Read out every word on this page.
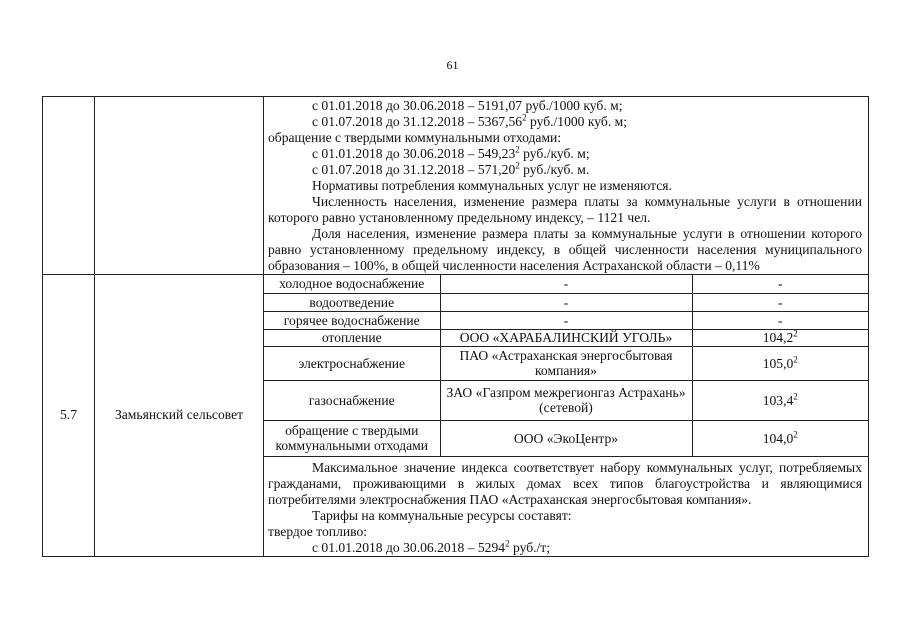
61

с 01.01.2018 до 30.06.2018 – 5191,07 руб./1000 куб. м;

с 01.07.2018 до 31.12.2018 – 5367,56$^2$ руб./1000 куб. м;

обращение с твердыми коммунальными отходами:

с 01.01.2018 до 30.06.2018 – 549,23$^2$ руб./куб. м;

с 01.07.2018 до 31.12.2018 – 571,20$^2$ руб./куб. м.

Нормативы потребления коммунальных услуг не изменяются.

Численность населения, изменение размера платы за коммунальные услуги в отношении которого равно установленному предельному индексу, – 1121 чел.

Доля населения, изменение размера платы за коммунальные услуги в отношении которого равно установленному предельному индексу, в общей численности населения муниципального образования – 100%, в общей численности населения Астраханской области – 0,11%

5.7	Замьянский сельсовет	
холодное водоснабжение	-	-
водоотведение	-	-
горячее водоснабжение	-	-
отопление	ООО «ХАРАБАЛИНСКИЙ УГОЛЬ»	104,2$^2$
электроснабжение	ПАО «Астраханская энергосбытовая компания»	105,0$^2$
газоснабжение	ЗАО «Газпром межрегионгаз Астрахань» (сетевой)	103,4$^2$
обращение с твердыми коммунальными отходами	ООО «ЭкоЦентр»	104,0$^2$

Максимальное значение индекса соответствует набору коммунальных услуг, потребляемых гражданами, проживающими в жилых домах всех типов благоустройства и являющимися потребителями электроснабжения ПАО «Астраханская энергосбытовая компания».

Тарифы на коммунальные ресурсы составят:

твердое топливо:

с 01.01.2018 до 30.06.2018 – 5294$^2$ руб./т;
